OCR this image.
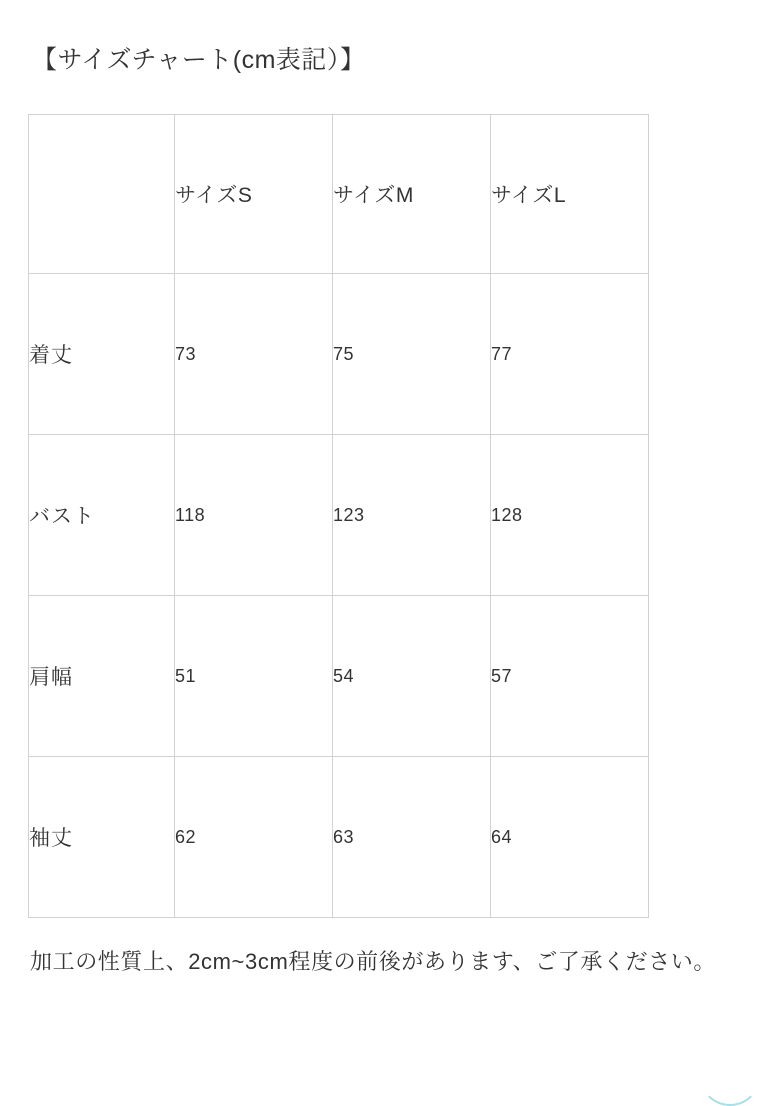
【サイズチャート(cm表記）】
	サイズS	サイズM	サイズL
着丈	73	75	77
バスト	118	123	128
肩幅	51	54	57
袖丈	62	63	64
加工の性質上、2cm~3cm程度の前後があります、ご了承ください。
